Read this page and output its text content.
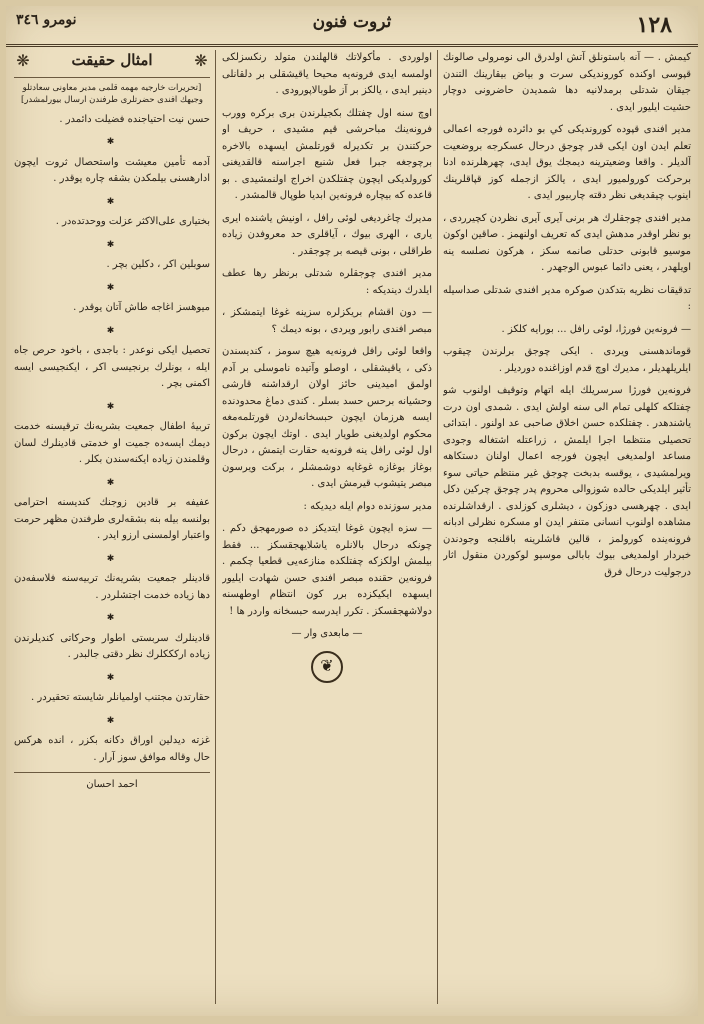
١٢٨
ثروت فنون
نومرو ٣٤٦

كيمش . — آنه باستونلق آتش اولدرق الى نومرولى صالونك قپوسى اوكنده كورونديكى سرت و بياض بيقارينك التندن جيقان شدتلى برمدلانيه دها شمديدن حاضرونى دوچار حشيت ايليور ايدى .

مدير افندى قپوده كورونديكى كي بو دائرده فورجه اعمالى تعلم ايدن اون ايكى قدر چوجق درحال عسكرجه بروضعيت آلديلر . واقعا وضعيترينه ديمجك يوق ايدى، چهرهلرنده ادنا برحركت كورولميور ايدى ، يالكز ازجمله كوز قپاقلرينك اينوب چيقديغى نظر دقته چاربيور ايدى .

مدير افندى چوجقلرك هر برنى آيرى آيرى نظردن كچيرردى ، بو نظر اوقدر مدهش ايدى كه تعريف اولنهمز . صاقين اوكون موسيو قابونى حدتلى صانمه سكز ، هركون نصلسه ينه اويلهدر ، يعنى دائما عبوس الوجهدر .

تدقيقات نظريه بتدكدن صوكره مدير افندى شدتلى صداسيله :

— فرونه‌ين فورژا، لوئى رافل ... بورايه كلكز .

قوماندهسنى ويردى . ايكى چوجق برلرندن چيقوب ايلريلهديلر ، مديرك اوچ قدم اوزاغنده دورديلر .

فرونه‌ين فورژا سرسريلك ايله اتهام وتوقيف اولنوب شو چفتلكه كلهلى تمام الى سنه اولش ايدى . شمدى اون درت ياشندهدر . چفتلكده حسن اخلاق صاحبى عد اولنور . ابتدائى تحصيلى منتظما اجرا ايلمش ، زراعتله اشتغاله وجودى مساعد اولمديغى ايچون فورجه اعمال اولنان دستكاهه ويرلمشيدى ، يوقسه بدبخت چوجق غير منتظم حياتى سوء تأثير ايلديكى حالده شوزوالى محروم پدر چوجق چركين دكل ايدى . چهرهسى دوزكون ، ديشلرى كوزلدى . ارقداشلرنده مشاهده اولنوب انسانى متنفر ايدن او مسكره نظرلى ادبانه فرونه‌ينده كورولمز ، قالين قاشلرينه باقلنجه وجودندن خبردار اولمديغى بيوك بابالى موسيو لوكوردن منقول اثار درجوليت درحال فرق

اولوردى . مأكولاتك قالهلندن متولد رنكسزلكى اولمسه ايدى فرونه‌يه محيحا ياقيشقلى بر دلقانلى دينير ايدى ، يالكز بر آز طوبالاپورودى .

اوچ سنه اول چفتلك بكجيلرندن برى بركره وورب فرونه‌ينك مباحرشى قيم مشيدى ، حريف او حركتندن بر تكديرله قورتلمش ايسهده بالاخره برچوجغه جبرا فعل شنيع اجراسنه قالقديغنى كورولديكى ايچون چفتلكدن اخراج اولنمشيدى . بو قاعده كه بيچاره فرونه‌ين ابديا طوپال قالمشدر .

مديرك چاغرديغى لوئى رافل ، اونيش ياشنده ايرى يارى ، الهرى بيوك ، آياقلرى حد معروفدن زياده طراقلى ، بونى قيصه بر چوجقدر .

مدير افندى چوجقلره شدتلى برنظر رها عطف ايلدرك دينديكه :

— دون اقشام بريكزلره سزينه غوغا ايتمشكز ، مبصر افندى رابور ويردى ، بونه ديمك ؟

واقعا لوئى رافل فرونه‌يه هيچ سومز ، كنديسندن ذكى ، ياقيشقلى ، اوصلو وآتيده ناموسلى بر آدم اولمق اميدينى حائز اولان ارقداشنه قارشى وحشيانه برحس حسد بسلر . كندى دماغ محدودنده ايسه هرزمان ايچون حبسخانه‌لردن قورتلمه‌مغه محكوم اولديغنى طويار ايدى . اوتك ايچون بركون اول لوئى رافل ينه فرونه‌يه حقارت ايتمش ، درحال بوغاز بوغازه غوغايه دوشمشلر ، بركت ويرسون مبصر يتيشوب قيرمش ايدى .

مدير سوزنده دوام ايله ديديكه :

— سزه ايچون غوغا ايتديكز ده صورمهجق دكم . چونكه درحال بالانلره ياشلايهجقسكز ... فقط بيلمش اولكزكه چفتلكده منازعه‌يى قطعيا چكمم . فرونه‌ين حقنده مبصر افندى حسن شهادت ايليور ايسهده ايكيكزده برر كون انتظام اوطهسنه دولاشهجقسكز . تكرر ايدرسه حبسخانه واردر ها !

— مابعدى وار —
❦
❋
امثال حقيقت
❋
[تحريرات خارجيه مهمه قلمى مدير معاونى سعادتلو وجيهك افندى حضرتلرى طرفندن ارسال بيورلمشدر]

حسن نيت احتياجنده فضيلت دائمدر .

✱

آدمه تأمين معيشت واستحصال ثروت ايچون ادارهسنى بيلمكدن بشقه چاره يوقدر .

✱

بختيارى على‌الاكثر عزلت ووحدتده‌در .

✱

سوبلين اكر ، دكلين بچر .

✱

ميوهسز اغاجه طاش آتان يوقدر .

✱

تحصيل ايكى نوعدر : باجدى ، باخود حرص جاه ايله ، بونلرك برنجيسى اكر ، ايكنجيسى ايسه اكمنى بچر .

✱

تربيهٔ اطفال جمعيت بشريه‌نك ترقيسنه خدمت ديمك ايسه‌ده جميت او خدمتى قادينلرك لسان وقلمندن زياده ايكنه‌سندن بكلر .

✱

عفيفه بر قادين زوجنك كنديسنه احترامى بولنسه بيله بنه بشقه‌لرى طرفندن مظهر حرمت واعتبار اولمسنى ارزو ايدر .

✱

قادينلر جمعيت بشريه‌نك تربيه‌سنه فلاسفه‌دن دها زياده خدمت اجتشلردر .

✱

قادينلرك سربستى اطوار وحركاتى كنديلرندن زياده اركككلرك نظر دقتى جالبدر .

✱

حقارتدن مجتنب اولميانلر شايسته تحقيردر .

✱

غزته ديدلين اوراق دكانه بكزر ، انده هركس حال وقاله موافق سوز آرار .

احمد احسان
